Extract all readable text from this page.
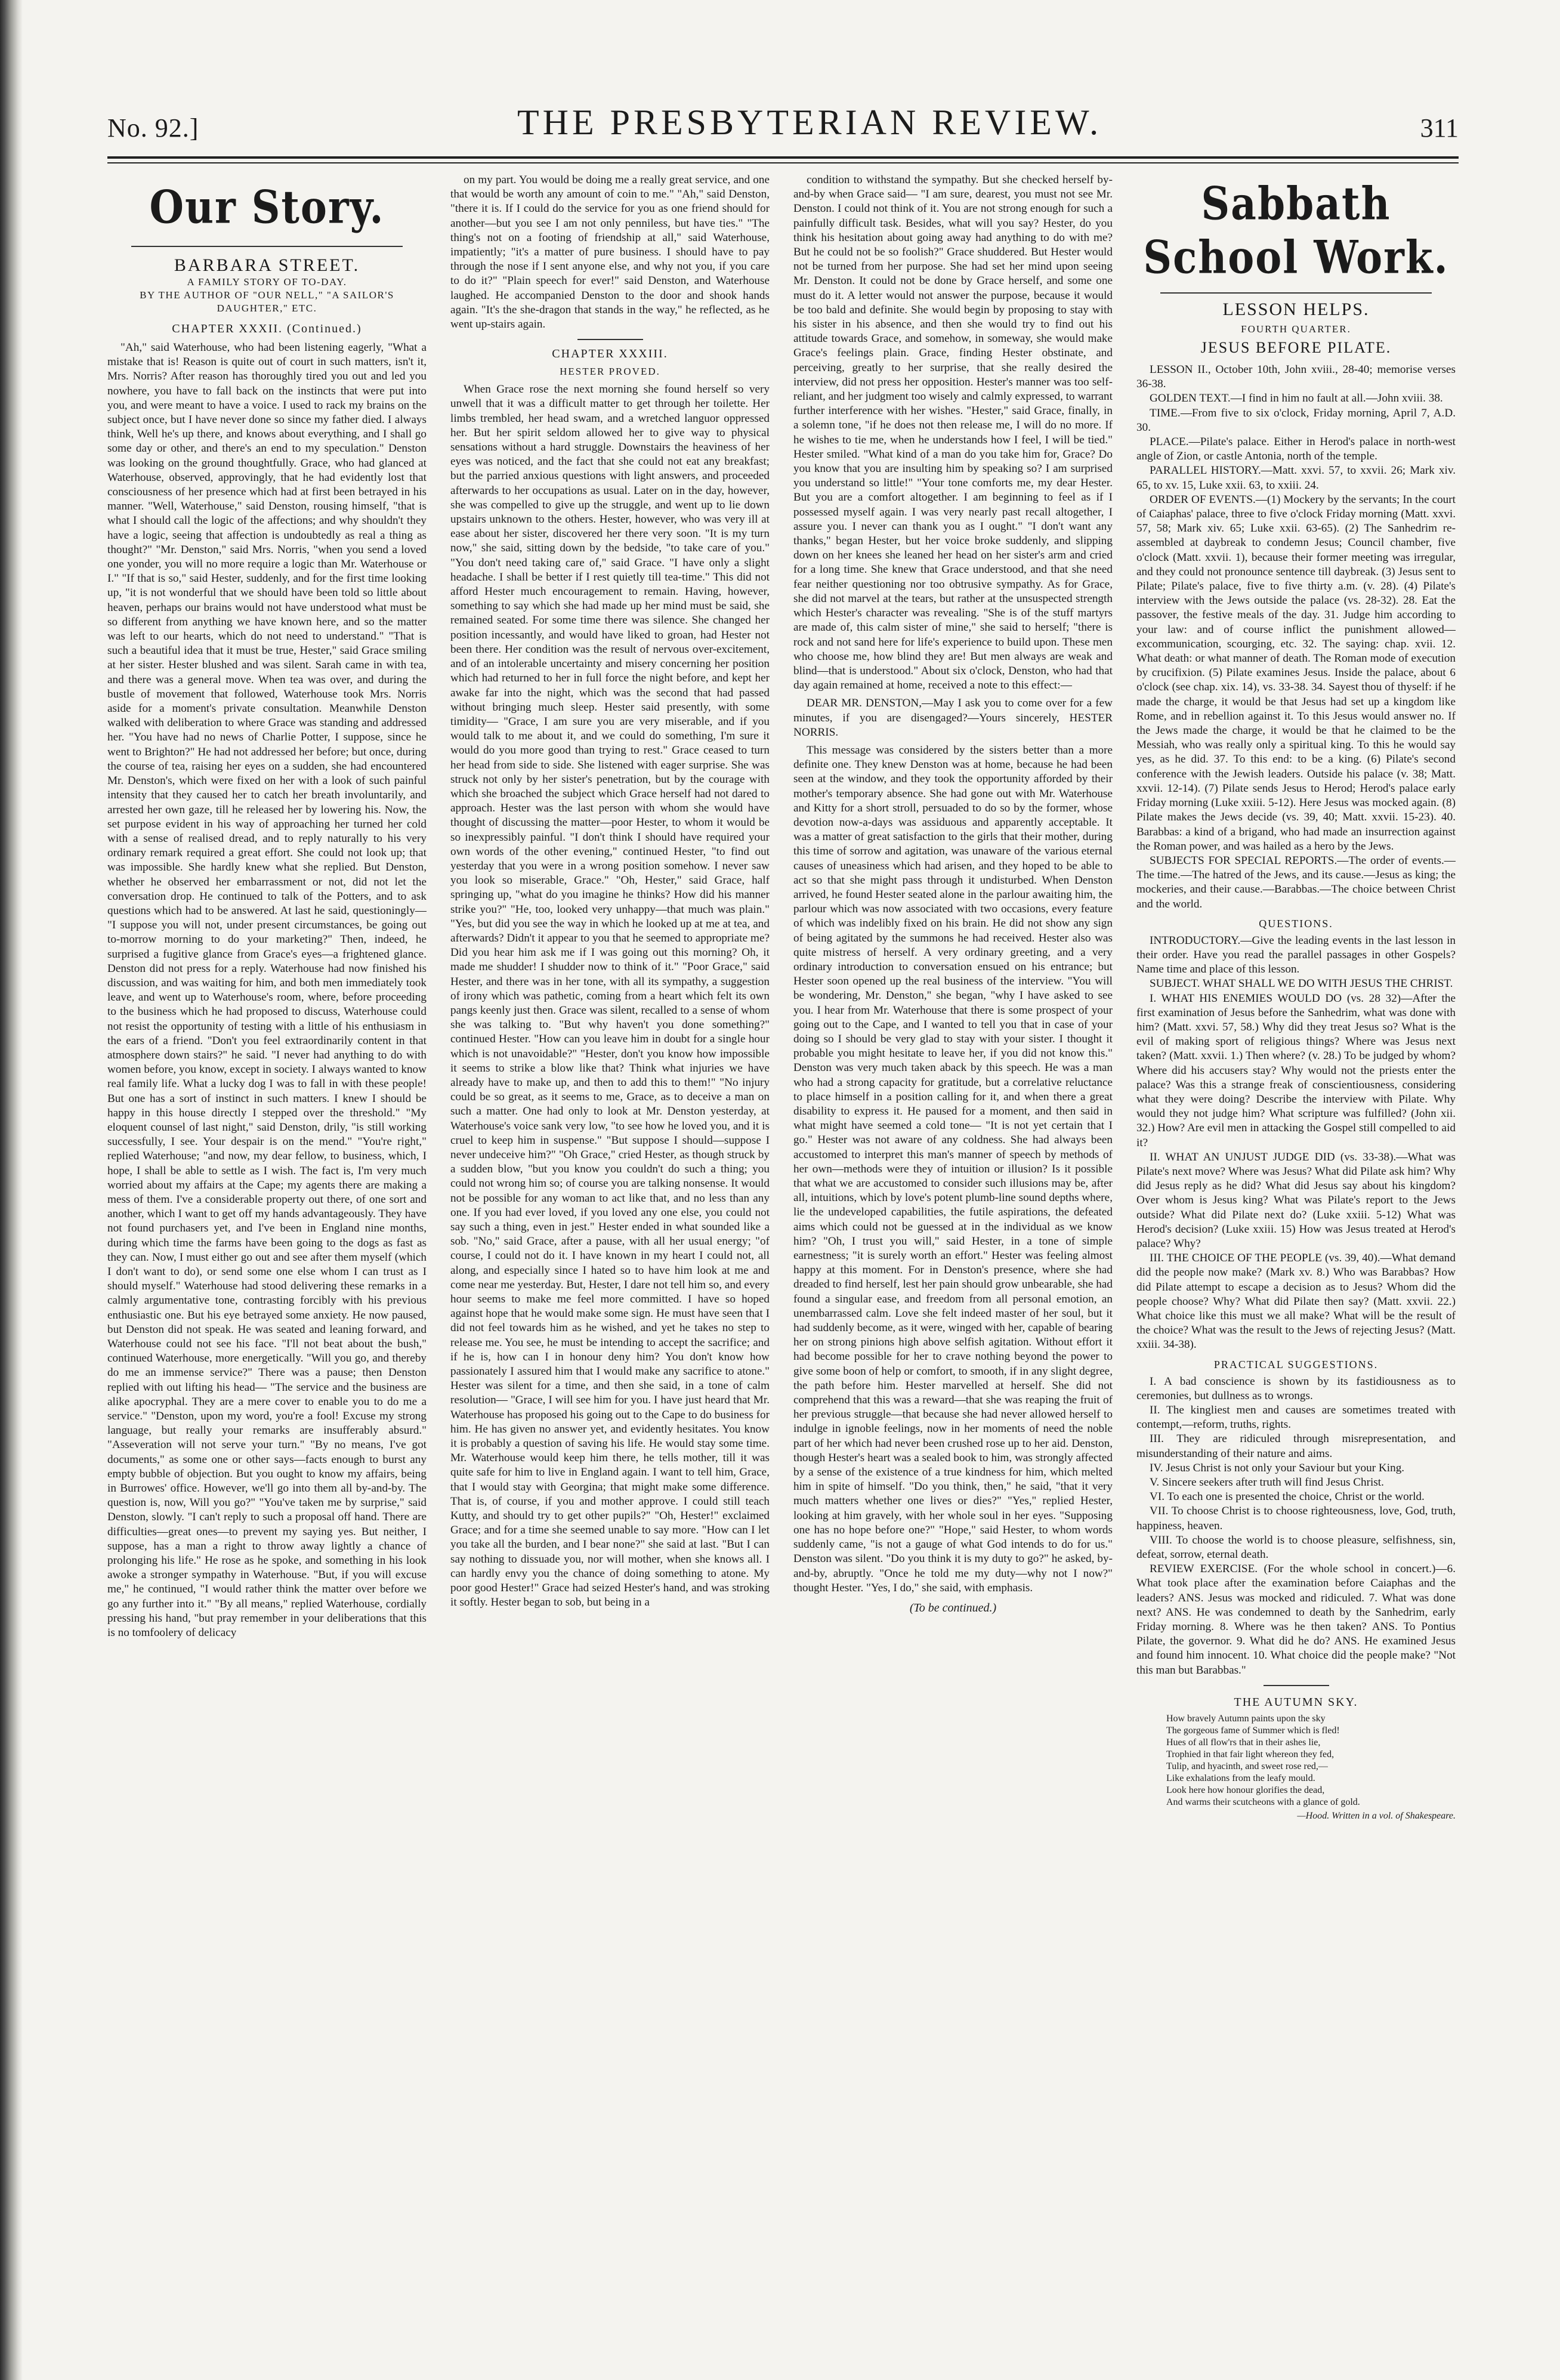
No. 92.]	THE PRESBYTERIAN REVIEW.	311
Our Story.
BARBARA STREET.
A FAMILY STORY OF TO-DAY.
BY THE AUTHOR OF "OUR NELL," "A SAILOR'S DAUGHTER," ETC.
CHAPTER XXXII. (Continued.)

"Ah," said Waterhouse, who had been listening eagerly, "What a mistake that is! Reason is quite out of court in such matters, isn't it, Mrs. Norris? After reason has thoroughly tired you out and led you nowhere, you have to fall back on the instincts that were put into you, and were meant to have a voice. I used to rack my brains on the subject once, but I have never done so since my father died. I always think, Well he's up there, and knows about everything, and I shall go some day or other, and there's an end to my speculation." Denston was looking on the ground thoughtfully. Grace, who had glanced at Waterhouse, observed, approvingly, that he had evidently lost that consciousness of her presence which had at first been betrayed in his manner. "Well, Waterhouse," said Denston, rousing himself, "that is what I should call the logic of the affections; and why shouldn't they have a logic, seeing that affection is undoubtedly as real a thing as thought?" "Mr. Denston," said Mrs. Norris, "when you send a loved one yonder, you will no more require a logic than Mr. Waterhouse or I." "If that is so," said Hester, suddenly, and for the first time looking up, "it is not wonderful that we should have been told so little about heaven, perhaps our brains would not have understood what must be so different from anything we have known here, and so the matter was left to our hearts, which do not need to understand." "That is such a beautiful idea that it must be true, Hester," said Grace smiling at her sister. Hester blushed and was silent. Sarah came in with tea, and there was a general move. When tea was over, and during the bustle of movement that followed, Waterhouse took Mrs. Norris aside for a moment's private consultation. Meanwhile Denston walked with deliberation to where Grace was standing and addressed her. "You have had no news of Charlie Potter, I suppose, since he went to Brighton?" He had not addressed her before; but once, during the course of tea, raising her eyes on a sudden, she had encountered Mr. Denston's, which were fixed on her with a look of such painful intensity that they caused her to catch her breath involuntarily, and arrested her own gaze, till he released her by lowering his. Now, the set purpose evident in his way of approaching her turned her cold with a sense of realised dread, and to reply naturally to his very ordinary remark required a great effort. She could not look up; that was impossible. She hardly knew what she replied. But Denston, whether he observed her embarrassment or not, did not let the conversation drop. He continued to talk of the Potters, and to ask questions which had to be answered. At last he said, questioningly— "I suppose you will not, under present circumstances, be going out to-morrow morning to do your marketing?" Then, indeed, he surprised a fugitive glance from Grace's eyes—a frightened glance. Denston did not press for a reply. Waterhouse had now finished his discussion, and was waiting for him, and both men immediately took leave, and went up to Waterhouse's room, where, before proceeding to the business which he had proposed to discuss, Waterhouse could not resist the opportunity of testing with a little of his enthusiasm in the ears of a friend. "Don't you feel extraordinarily content in that atmosphere down stairs?" he said. "I never had anything to do with women before, you know, except in society. I always wanted to know real family life. What a lucky dog I was to fall in with these people! But one has a sort of instinct in such matters. I knew I should be happy in this house directly I stepped over the threshold." "My eloquent counsel of last night," said Denston, drily, "is still working successfully, I see. Your despair is on the mend." "You're right," replied Waterhouse; "and now, my dear fellow, to business, which, I hope, I shall be able to settle as I wish. The fact is, I'm very much worried about my affairs at the Cape; my agents there are making a mess of them. I've a considerable property out there, of one sort and another, which I want to get off my hands advantageously. They have not found purchasers yet, and I've been in England nine months, during which time the farms have been going to the dogs as fast as they can. Now, I must either go out and see after them myself (which I don't want to do), or send some one else whom I can trust as I should myself." Waterhouse had stood delivering these remarks in a calmly argumentative tone, contrasting forcibly with his previous enthusiastic one. But his eye betrayed some anxiety. He now paused, but Denston did not speak. He was seated and leaning forward, and Waterhouse could not see his face. "I'll not beat about the bush," continued Waterhouse, more energetically. "Will you go, and thereby do me an immense service?" There was a pause; then Denston replied with out lifting his head— "The service and the business are alike apocryphal. They are a mere cover to enable you to do me a service." "Denston, upon my word, you're a fool! Excuse my strong language, but really your remarks are insufferably absurd." "Asseveration will not serve your turn." "By no means, I've got documents," as some one or other says—facts enough to burst any empty bubble of objection. But you ought to know my affairs, being in Burrowes' office. However, we'll go into them all by-and-by. The question is, now, Will you go?" "You've taken me by surprise," said Denston, slowly. "I can't reply to such a proposal off hand. There are difficulties—great ones—to prevent my saying yes. But neither, I suppose, has a man a right to throw away lightly a chance of prolonging his life." He rose as he spoke, and something in his look awoke a stronger sympathy in Waterhouse. "But, if you will excuse me," he continued, "I would rather think the matter over before we go any further into it." "By all means," replied Waterhouse, cordially pressing his hand, "but pray remember in your deliberations that this is no tomfoolery of delicacy

on my part. You would be doing me a really great service, and one that would be worth any amount of coin to me." "Ah," said Denston, "there it is. If I could do the service for you as one friend should for another—but you see I am not only penniless, but have ties." "The thing's not on a footing of friendship at all," said Waterhouse, impatiently; "it's a matter of pure business. I should have to pay through the nose if I sent anyone else, and why not you, if you care to do it?" "Plain speech for ever!" said Denston, and Waterhouse laughed. He accompanied Denston to the door and shook hands again. "It's the she-dragon that stands in the way," he reflected, as he went up-stairs again.

CHAPTER XXXIII.
HESTER PROVED.

When Grace rose the next morning she found herself so very unwell that it was a difficult matter to get through her toilette. Her limbs trembled, her head swam, and a wretched languor oppressed her. But her spirit seldom allowed her to give way to physical sensations without a hard struggle. Downstairs the heaviness of her eyes was noticed, and the fact that she could not eat any breakfast; but the parried anxious questions with light answers, and proceeded afterwards to her occupations as usual. Later on in the day, however, she was compelled to give up the struggle, and went up to lie down upstairs unknown to the others. Hester, however, who was very ill at ease about her sister, discovered her there very soon. "It is my turn now," she said, sitting down by the bedside, "to take care of you." "You don't need taking care of," said Grace. "I have only a slight headache. I shall be better if I rest quietly till tea-time." This did not afford Hester much encouragement to remain. Having, however, something to say which she had made up her mind must be said, she remained seated. For some time there was silence. She changed her position incessantly, and would have liked to groan, had Hester not been there. Her condition was the result of nervous over-excitement, and of an intolerable uncertainty and misery concerning her position which had returned to her in full force the night before, and kept her awake far into the night, which was the second that had passed without bringing much sleep. Hester said presently, with some timidity— "Grace, I am sure you are very miserable, and if you would talk to me about it, and we could do something, I'm sure it would do you more good than trying to rest." Grace ceased to turn her head from side to side. She listened with eager surprise. She was struck not only by her sister's penetration, but by the courage with which she broached the subject which Grace herself had not dared to approach. Hester was the last person with whom she would have thought of discussing the matter—poor Hester, to whom it would be so inexpressibly painful. "I don't think I should have required your own words of the other evening," continued Hester, "to find out yesterday that you were in a wrong position somehow. I never saw you look so miserable, Grace." "Oh, Hester," said Grace, half springing up, "what do you imagine he thinks? How did his manner strike you?" "He, too, looked very unhappy—that much was plain." "Yes, but did you see the way in which he looked up at me at tea, and afterwards? Didn't it appear to you that he seemed to appropriate me? Did you hear him ask me if I was going out this morning? Oh, it made me shudder! I shudder now to think of it." "Poor Grace," said Hester, and there was in her tone, with all its sympathy, a suggestion of irony which was pathetic, coming from a heart which felt its own pangs keenly just then. Grace was silent, recalled to a sense of whom she was talking to. "But why haven't you done something?" continued Hester. "How can you leave him in doubt for a single hour which is not unavoidable?" "Hester, don't you know how impossible it seems to strike a blow like that? Think what injuries we have already have to make up, and then to add this to them!" "No injury could be so great, as it seems to me, Grace, as to deceive a man on such a matter. One had only to look at Mr. Denston yesterday, at Waterhouse's voice sank very low, "to see how he loved you, and it is cruel to keep him in suspense." "But suppose I should—suppose I never undeceive him?" "Oh Grace," cried Hester, as though struck by a sudden blow, "but you know you couldn't do such a thing; you could not wrong him so; of course you are talking nonsense. It would not be possible for any woman to act like that, and no less than any one. If you had ever loved, if you loved any one else, you could not say such a thing, even in jest." Hester ended in what sounded like a sob. "No," said Grace, after a pause, with all her usual energy; "of course, I could not do it. I have known in my heart I could not, all along, and especially since I hated so to have him look at me and come near me yesterday. But, Hester, I dare not tell him so, and every hour seems to make me feel more committed. I have so hoped against hope that he would make some sign. He must have seen that I did not feel towards him as he wished, and yet he takes no step to release me. You see, he must be intending to accept the sacrifice; and if he is, how can I in honour deny him? You don't know how passionately I assured him that I would make any sacrifice to atone." Hester was silent for a time, and then she said, in a tone of calm resolution— "Grace, I will see him for you. I have just heard that Mr. Waterhouse has proposed his going out to the Cape to do business for him. He has given no answer yet, and evidently hesitates. You know it is probably a question of saving his life. He would stay some time. Mr. Waterhouse would keep him there, he tells mother, till it was quite safe for him to live in England again. I want to tell him, Grace, that I would stay with Georgina; that might make some difference. That is, of course, if you and mother approve. I could still teach Kutty, and should try to get other pupils?" "Oh, Hester!" exclaimed Grace; and for a time she seemed unable to say more. "How can I let you take all the burden, and I bear none?" she said at last. "But I can say nothing to dissuade you, nor will mother, when she knows all. I can hardly envy you the chance of doing something to atone. My poor good Hester!" Grace had seized Hester's hand, and was stroking it softly. Hester began to sob, but being in a

condition to withstand the sympathy. But she checked herself by-and-by when Grace said— "I am sure, dearest, you must not see Mr. Denston. I could not think of it. You are not strong enough for such a painfully difficult task. Besides, what will you say? Hester, do you think his hesitation about going away had anything to do with me? But he could not be so foolish?" Grace shuddered. But Hester would not be turned from her purpose. She had set her mind upon seeing Mr. Denston. It could not be done by Grace herself, and some one must do it. A letter would not answer the purpose, because it would be too bald and definite. She would begin by proposing to stay with his sister in his absence, and then she would try to find out his attitude towards Grace, and somehow, in someway, she would make Grace's feelings plain. Grace, finding Hester obstinate, and perceiving, greatly to her surprise, that she really desired the interview, did not press her opposition. Hester's manner was too self-reliant, and her judgment too wisely and calmly expressed, to warrant further interference with her wishes. "Hester," said Grace, finally, in a solemn tone, "if he does not then release me, I will do no more. If he wishes to tie me, when he understands how I feel, I will be tied." Hester smiled. "What kind of a man do you take him for, Grace? Do you know that you are insulting him by speaking so? I am surprised you understand so little!" "Your tone comforts me, my dear Hester. But you are a comfort altogether. I am beginning to feel as if I possessed myself again. I was very nearly past recall altogether, I assure you. I never can thank you as I ought." "I don't want any thanks," began Hester, but her voice broke suddenly, and slipping down on her knees she leaned her head on her sister's arm and cried for a long time. She knew that Grace understood, and that she need fear neither questioning nor too obtrusive sympathy. As for Grace, she did not marvel at the tears, but rather at the unsuspected strength which Hester's character was revealing. "She is of the stuff martyrs are made of, this calm sister of mine," she said to herself; "there is rock and not sand here for life's experience to build upon. These men who choose me, how blind they are! But men always are weak and blind—that is understood." About six o'clock, Denston, who had that day again remained at home, received a note to this effect:—

DEAR MR. DENSTON,—May I ask you to come over for a few minutes, if you are disengaged?—Yours sincerely, HESTER NORRIS.

This message was considered by the sisters better than a more definite one. They knew Denston was at home, because he had been seen at the window, and they took the opportunity afforded by their mother's temporary absence. She had gone out with Mr. Waterhouse and Kitty for a short stroll, persuaded to do so by the former, whose devotion now-a-days was assiduous and apparently acceptable. It was a matter of great satisfaction to the girls that their mother, during this time of sorrow and agitation, was unaware of the various eternal causes of uneasiness which had arisen, and they hoped to be able to act so that she might pass through it undisturbed. When Denston arrived, he found Hester seated alone in the parlour awaiting him, the parlour which was now associated with two occasions, every feature of which was indelibly fixed on his brain. He did not show any sign of being agitated by the summons he had received. Hester also was quite mistress of herself. A very ordinary greeting, and a very ordinary introduction to conversation ensued on his entrance; but Hester soon opened up the real business of the interview. "You will be wondering, Mr. Denston," she began, "why I have asked to see you. I hear from Mr. Waterhouse that there is some prospect of your going out to the Cape, and I wanted to tell you that in case of your doing so I should be very glad to stay with your sister. I thought it probable you might hesitate to leave her, if you did not know this." Denston was very much taken aback by this speech. He was a man who had a strong capacity for gratitude, but a correlative reluctance to place himself in a position calling for it, and when there a great disability to express it. He paused for a moment, and then said in what might have seemed a cold tone— "It is not yet certain that I go." Hester was not aware of any coldness. She had always been accustomed to interpret this man's manner of speech by methods of her own—methods were they of intuition or illusion? Is it possible that what we are accustomed to consider such illusions may be, after all, intuitions, which by love's potent plumb-line sound depths where, lie the undeveloped capabilities, the futile aspirations, the defeated aims which could not be guessed at in the individual as we know him? "Oh, I trust you will," said Hester, in a tone of simple earnestness; "it is surely worth an effort." Hester was feeling almost happy at this moment. For in Denston's presence, where she had dreaded to find herself, lest her pain should grow unbearable, she had found a singular ease, and freedom from all personal emotion, an unembarrassed calm. Love she felt indeed master of her soul, but it had suddenly become, as it were, winged with her, capable of bearing her on strong pinions high above selfish agitation. Without effort it had become possible for her to crave nothing beyond the power to give some boon of help or comfort, to smooth, if in any slight degree, the path before him. Hester marvelled at herself. She did not comprehend that this was a reward—that she was reaping the fruit of her previous struggle—that because she had never allowed herself to indulge in ignoble feelings, now in her moments of need the noble part of her which had never been crushed rose up to her aid. Denston, though Hester's heart was a sealed book to him, was strongly affected by a sense of the existence of a true kindness for him, which melted him in spite of himself. "Do you think, then," he said, "that it very much matters whether one lives or dies?" "Yes," replied Hester, looking at him gravely, with her whole soul in her eyes. "Supposing one has no hope before one?" "Hope," said Hester, to whom words suddenly came, "is not a gauge of what God intends to do for us." Denston was silent. "Do you think it is my duty to go?" he asked, by-and-by, abruptly. "Once he told me my duty—why not I now?" thought Hester. "Yes, I do," she said, with emphasis.

(To be continued.)
Sabbath School Work.
LESSON HELPS.
FOURTH QUARTER.
JESUS BEFORE PILATE.

LESSON II., October 10th, John xviii., 28-40; memorise verses 36-38.

GOLDEN TEXT.—I find in him no fault at all.—John xviii. 38.

TIME.—From five to six o'clock, Friday morning, April 7, A.D. 30.

PLACE.—Pilate's palace. Either in Herod's palace in north-west angle of Zion, or castle Antonia, north of the temple.

PARALLEL HISTORY.—Matt. xxvi. 57, to xxvii. 26; Mark xiv. 65, to xv. 15, Luke xxii. 63, to xxiii. 24.

ORDER OF EVENTS.—(1) Mockery by the servants; In the court of Caiaphas' palace, three to five o'clock Friday morning (Matt. xxvi. 57, 58; Mark xiv. 65; Luke xxii. 63-65). (2) The Sanhedrim re-assembled at daybreak to condemn Jesus; Council chamber, five o'clock (Matt. xxvii. 1), because their former meeting was irregular, and they could not pronounce sentence till daybreak. (3) Jesus sent to Pilate; Pilate's palace, five to five thirty a.m. (v. 28). (4) Pilate's interview with the Jews outside the palace (vs. 28-32). 28. Eat the passover, the festive meals of the day. 31. Judge him according to your law: and of course inflict the punishment allowed—excommunication, scourging, etc. 32. The saying: chap. xvii. 12. What death: or what manner of death. The Roman mode of execution by crucifixion. (5) Pilate examines Jesus. Inside the palace, about 6 o'clock (see chap. xix. 14), vs. 33-38. 34. Sayest thou of thyself: if he made the charge, it would be that Jesus had set up a kingdom like Rome, and in rebellion against it. To this Jesus would answer no. If the Jews made the charge, it would be that he claimed to be the Messiah, who was really only a spiritual king. To this he would say yes, as he did. 37. To this end: to be a king. (6) Pilate's second conference with the Jewish leaders. Outside his palace (v. 38; Matt. xxvii. 12-14). (7) Pilate sends Jesus to Herod; Herod's palace early Friday morning (Luke xxiii. 5-12). Here Jesus was mocked again. (8) Pilate makes the Jews decide (vs. 39, 40; Matt. xxvii. 15-23). 40. Barabbas: a kind of a brigand, who had made an insurrection against the Roman power, and was hailed as a hero by the Jews.

SUBJECTS FOR SPECIAL REPORTS.—The order of events.—The time.—The hatred of the Jews, and its cause.—Jesus as king; the mockeries, and their cause.—Barabbas.—The choice between Christ and the world.

QUESTIONS.

INTRODUCTORY.—Give the leading events in the last lesson in their order. Have you read the parallel passages in other Gospels? Name time and place of this lesson.

SUBJECT. WHAT SHALL WE DO WITH JESUS THE CHRIST.

I. WHAT HIS ENEMIES WOULD DO (vs. 28 32)—After the first examination of Jesus before the Sanhedrim, what was done with him? (Matt. xxvi. 57, 58.) Why did they treat Jesus so? What is the evil of making sport of religious things? Where was Jesus next taken? (Matt. xxvii. 1.) Then where? (v. 28.) To be judged by whom? Where did his accusers stay? Why would not the priests enter the palace? Was this a strange freak of conscientiousness, considering what they were doing? Describe the interview with Pilate. Why would they not judge him? What scripture was fulfilled? (John xii. 32.) How? Are evil men in attacking the Gospel still compelled to aid it?

II. WHAT AN UNJUST JUDGE DID (vs. 33-38).—What was Pilate's next move? Where was Jesus? What did Pilate ask him? Why did Jesus reply as he did? What did Jesus say about his kingdom? Over whom is Jesus king? What was Pilate's report to the Jews outside? What did Pilate next do? (Luke xxiii. 5-12) What was Herod's decision? (Luke xxiii. 15) How was Jesus treated at Herod's palace? Why?

III. THE CHOICE OF THE PEOPLE (vs. 39, 40).—What demand did the people now make? (Mark xv. 8.) Who was Barabbas? How did Pilate attempt to escape a decision as to Jesus? Whom did the people choose? Why? What did Pilate then say? (Matt. xxvii. 22.) What choice like this must we all make? What will be the result of the choice? What was the result to the Jews of rejecting Jesus? (Matt. xxiii. 34-38).

PRACTICAL SUGGESTIONS.

I. A bad conscience is shown by its fastidiousness as to ceremonies, but dullness as to wrongs.

II. The kingliest men and causes are sometimes treated with contempt,—reform, truths, rights.

III. They are ridiculed through misrepresentation, and misunderstanding of their nature and aims.

IV. Jesus Christ is not only your Saviour but your King.

V. Sincere seekers after truth will find Jesus Christ.

VI. To each one is presented the choice, Christ or the world.

VII. To choose Christ is to choose righteousness, love, God, truth, happiness, heaven.

VIII. To choose the world is to choose pleasure, selfishness, sin, defeat, sorrow, eternal death.

REVIEW EXERCISE. (For the whole school in concert.)—6. What took place after the examination before Caiaphas and the leaders? ANS. Jesus was mocked and ridiculed. 7. What was done next? ANS. He was condemned to death by the Sanhedrim, early Friday morning. 8. Where was he then taken? ANS. To Pontius Pilate, the governor. 9. What did he do? ANS. He examined Jesus and found him innocent. 10. What choice did the people make? "Not this man but Barabbas."

THE AUTUMN SKY.
How bravely Autumn paints upon the sky
The gorgeous fame of Summer which is fled!
Hues of all flow'rs that in their ashes lie,
Trophied in that fair light whereon they fed,
Tulip, and hyacinth, and sweet rose red,—
Like exhalations from the leafy mould.
Look here how honour glorifies the dead,
And warms their scutcheons with a glance of gold.
—Hood. Written in a vol. of Shakespeare.
